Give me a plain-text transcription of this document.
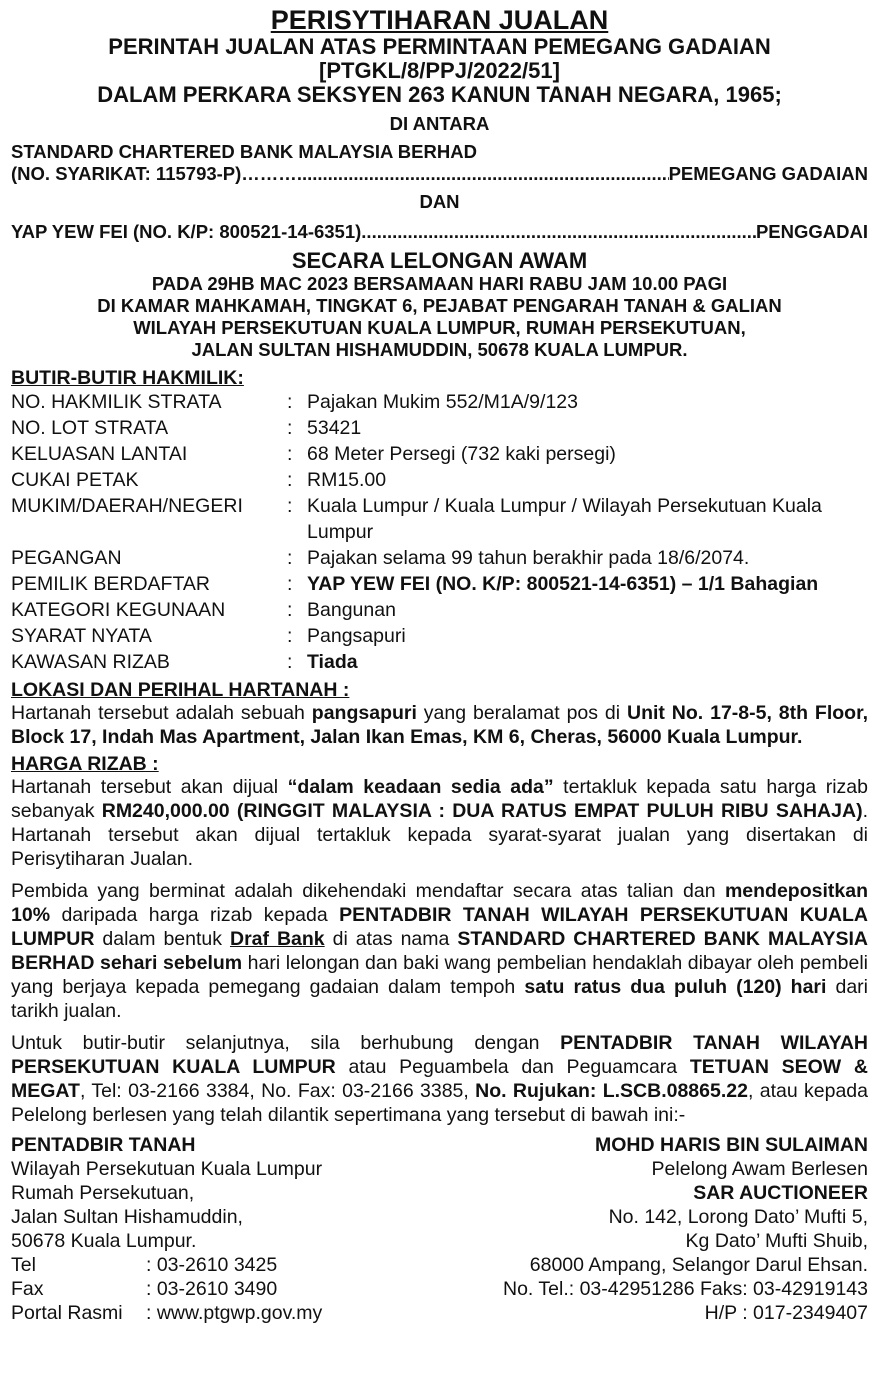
PERISYTIHARAN JUALAN
PERINTAH JUALAN ATAS PERMINTAAN PEMEGANG GADAIAN
[PTGKL/8/PPJ/2022/51]
DALAM PERKARA SEKSYEN 263 KANUN TANAH NEGARA, 1965;
DI ANTARA
STANDARD CHARTERED BANK MALAYSIA BERHAD
(NO. SYARIKAT: 115793-P)……… .....	PEMEGANG GADAIAN
DAN
YAP YEW FEI (NO. K/P: 800521-14-6351) .....	PENGGADAI
SECARA LELONGAN AWAM
PADA 29HB MAC 2023 BERSAMAAN HARI RABU JAM 10.00 PAGI
DI KAMAR MAHKAMAH, TINGKAT 6, PEJABAT PENGARAH TANAH & GALIAN
WILAYAH PERSEKUTUAN KUALA LUMPUR, RUMAH PERSEKUTUAN,
JALAN SULTAN HISHAMUDDIN, 50678 KUALA LUMPUR.
BUTIR-BUTIR HAKMILIK:
NO. HAKMILIK STRATA	:	Pajakan Mukim 552/M1A/9/123
NO. LOT STRATA	:	53421
KELUASAN LANTAI	:	68 Meter Persegi (732 kaki persegi)
CUKAI PETAK	:	RM15.00
MUKIM/DAERAH/NEGERI	:	Kuala Lumpur / Kuala Lumpur / Wilayah Persekutuan Kuala Lumpur
PEGANGAN	:	Pajakan selama 99 tahun berakhir pada 18/6/2074.
PEMILIK BERDAFTAR	:	YAP YEW FEI (NO. K/P: 800521-14-6351) – 1/1 Bahagian
KATEGORI KEGUNAAN	:	Bangunan
SYARAT NYATA	:	Pangsapuri
KAWASAN RIZAB	:	Tiada
LOKASI DAN PERIHAL HARTANAH :

Hartanah tersebut adalah sebuah pangsapuri yang beralamat pos di Unit No. 17-8-5, 8th Floor, Block 17, Indah Mas Apartment, Jalan Ikan Emas, KM 6, Cheras, 56000 Kuala Lumpur.

HARGA RIZAB :

Hartanah tersebut akan dijual “dalam keadaan sedia ada” tertakluk kepada satu harga rizab sebanyak RM240,000.00 (RINGGIT MALAYSIA : DUA RATUS EMPAT PULUH RIBU SAHAJA). Hartanah tersebut akan dijual tertakluk kepada syarat-syarat jualan yang disertakan di Perisytiharan Jualan.

Pembida yang berminat adalah dikehendaki mendaftar secara atas talian dan mendepositkan 10% daripada harga rizab kepada PENTADBIR TANAH WILAYAH PERSEKUTUAN KUALA LUMPUR dalam bentuk Draf Bank di atas nama STANDARD CHARTERED BANK MALAYSIA BERHAD sehari sebelum hari lelongan dan baki wang pembelian hendaklah dibayar oleh pembeli yang berjaya kepada pemegang gadaian dalam tempoh satu ratus dua puluh (120) hari dari tarikh jualan.

Untuk butir-butir selanjutnya, sila berhubung dengan PENTADBIR TANAH WILAYAH PERSEKUTUAN KUALA LUMPUR atau Peguambela dan Peguamcara TETUAN SEOW & MEGAT, Tel: 03-2166 3384, No. Fax: 03-2166 3385, No. Rujukan: L.SCB.08865.22, atau kepada Pelelong berlesen yang telah dilantik sepertimana yang tersebut di bawah ini:-

PENTADBIR TANAH
Wilayah Persekutuan Kuala Lumpur
Rumah Persekutuan,
Jalan Sultan Hishamuddin,
50678 Kuala Lumpur.
Tel	: 03-2610 3425
Fax	: 03-2610 3490
Portal Rasmi	: www.ptgwp.gov.my
MOHD HARIS BIN SULAIMAN
Pelelong Awam Berlesen
SAR AUCTIONEER
No. 142, Lorong Dato’ Mufti 5,
Kg Dato’ Mufti Shuib,
68000 Ampang, Selangor Darul Ehsan.
No. Tel.: 03-42951286 Faks: 03-42919143
H/P : 017-2349407
